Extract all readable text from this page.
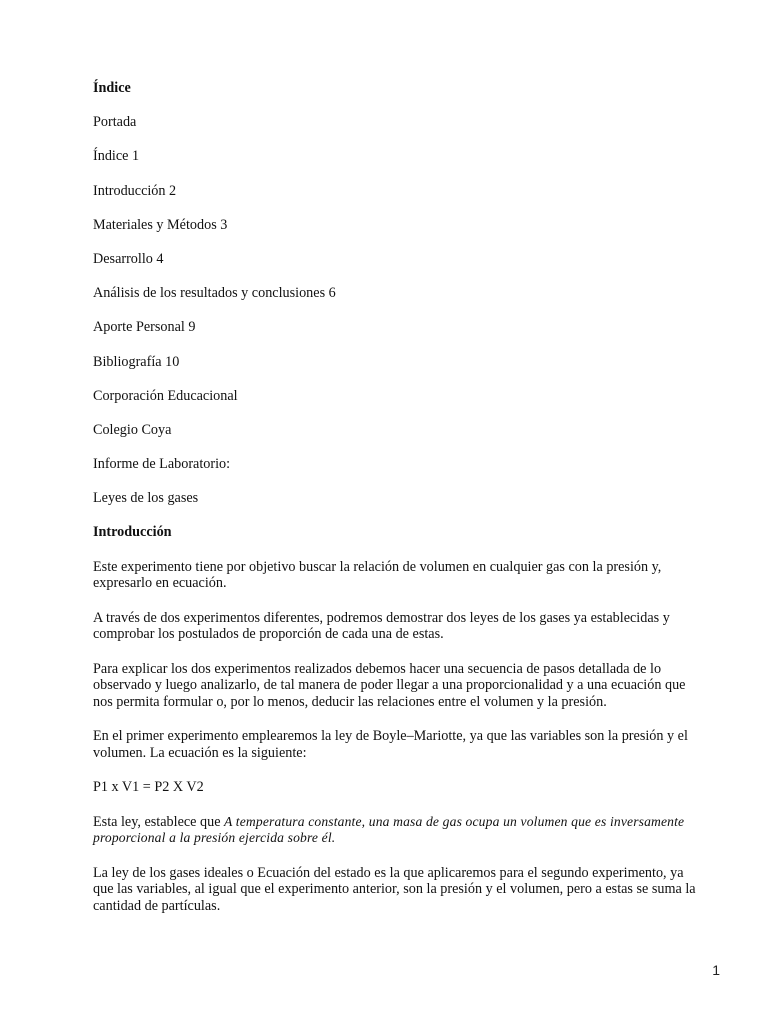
Índice
Portada
Índice 1
Introducción 2
Materiales y Métodos 3
Desarrollo 4
Análisis de los resultados y conclusiones 6
Aporte Personal 9
Bibliografía 10
Corporación Educacional
Colegio Coya
Informe de Laboratorio:
Leyes de los gases
Introducción
Este experimento tiene por objetivo buscar la relación de volumen en cualquier gas con la presión y, expresarlo en ecuación.
A través de dos experimentos diferentes, podremos demostrar dos leyes de los gases ya establecidas y comprobar los postulados de proporción de cada una de estas.
Para explicar los dos experimentos realizados debemos hacer una secuencia de pasos detallada de lo observado y luego analizarlo, de tal manera de poder llegar a una proporcionalidad y a una ecuación que nos permita formular o, por lo menos, deducir las relaciones entre el volumen y la presión.
En el primer experimento emplearemos la ley de Boyle–Mariotte, ya que las variables son la presión y el volumen. La ecuación es la siguiente:
P1 x V1 = P2 X V2
Esta ley, establece que A temperatura constante, una masa de gas ocupa un volumen que es inversamente proporcional a la presión ejercida sobre él.
La ley de los gases ideales o Ecuación del estado es la que aplicaremos para el segundo experimento, ya que las variables, al igual que el experimento anterior, son la presión y el volumen, pero a estas se suma la cantidad de partículas.
1
